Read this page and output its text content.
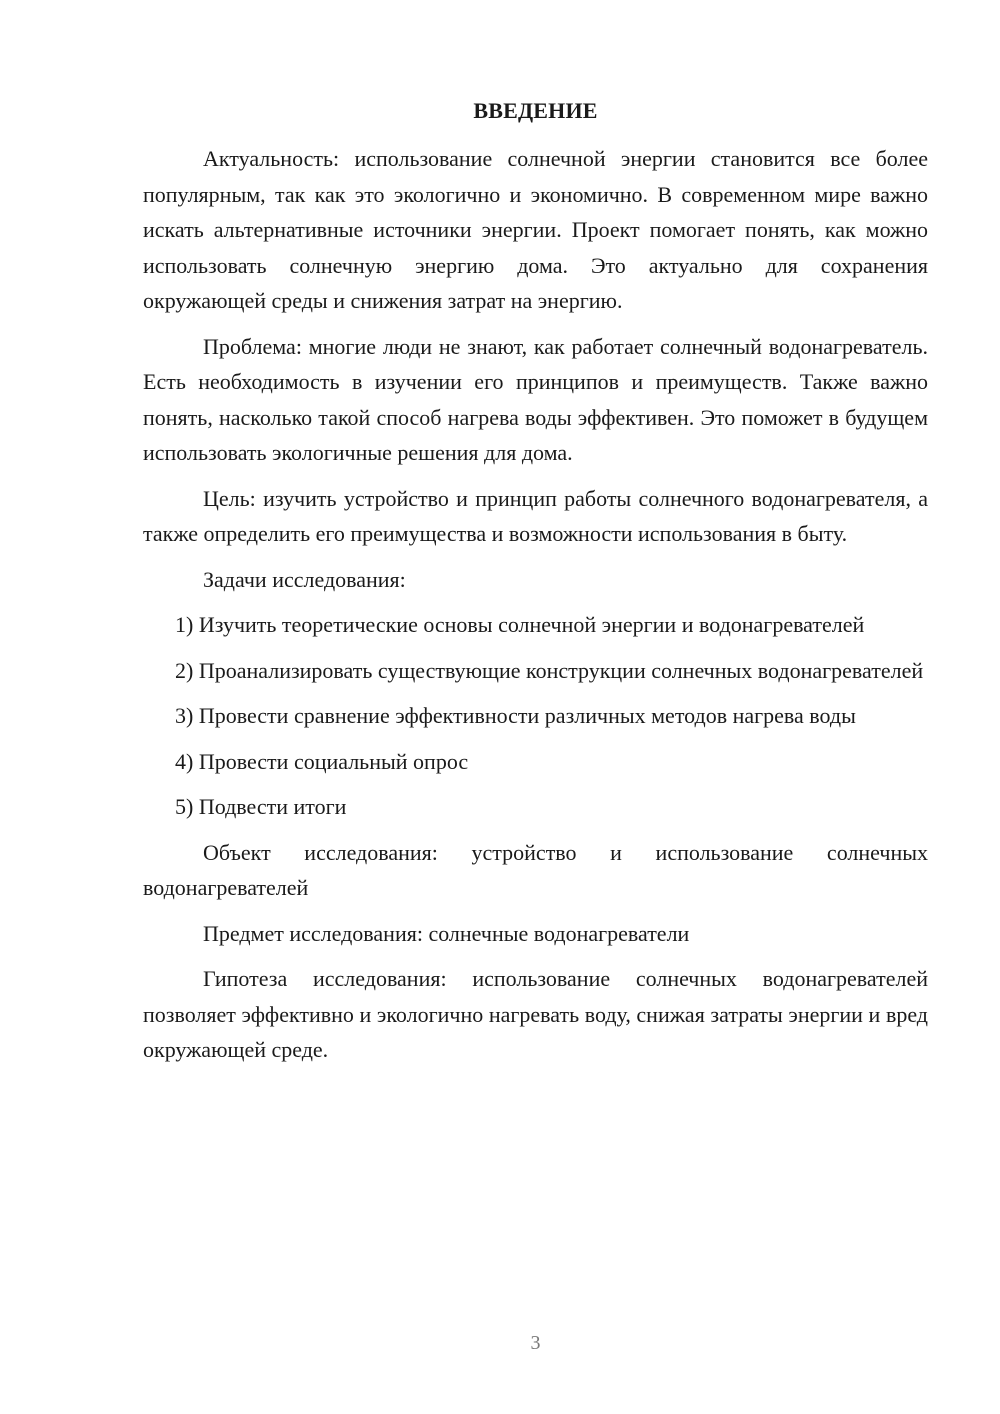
ВВЕДЕНИЕ

Актуальность: использование солнечной энергии становится все более популярным, так как это экологично и экономично. В современном мире важно искать альтернативные источники энергии. Проект помогает понять, как можно использовать солнечную энергию дома. Это актуально для сохранения окружающей среды и снижения затрат на энергию.

Проблема: многие люди не знают, как работает солнечный водонагреватель. Есть необходимость в изучении его принципов и преимуществ. Также важно понять, насколько такой способ нагрева воды эффективен. Это поможет в будущем использовать экологичные решения для дома.

Цель: изучить устройство и принцип работы солнечного водонагревателя, а также определить его преимущества и возможности использования в быту.

Задачи исследования:

1) Изучить теоретические основы солнечной энергии и водонагревателей

2) Проанализировать существующие конструкции солнечных водонагревателей

3) Провести сравнение эффективности различных методов нагрева воды

4) Провести социальный опрос

5) Подвести итоги

Объект исследования: устройство и использование солнечных водонагревателей

Предмет исследования: солнечные водонагреватели

Гипотеза исследования: использование солнечных водонагревателей позволяет эффективно и экологично нагревать воду, снижая затраты энергии и вред окружающей среде.

3
